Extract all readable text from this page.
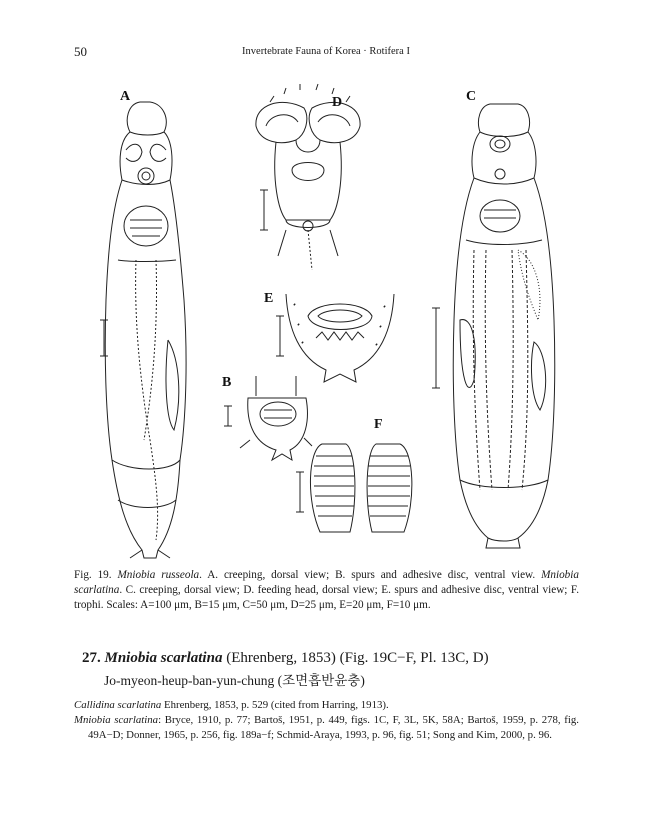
50	Invertebrate Fauna of Korea · Rotifera I
A	D
E
B
F
C
Fig. 19. Mniobia russeola. A. creeping, dorsal view; B. spurs and adhesive disc, ventral view. Mniobia scarlatina. C. creeping, dorsal view; D. feeding head, dorsal view; E. spurs and adhesive disc, ventral view; F. trophi. Scales: A=100 μm, B=15 μm, C=50 μm, D=25 μm, E=20 μm, F=10 μm.
27. Mniobia scarlatina (Ehrenberg, 1853) (Fig. 19C−F, Pl. 13C, D)
Jo-myeon-heup-ban-yun-chung (조면흡반윤충)

Callidina scarlatina Ehrenberg, 1853, p. 529 (cited from Harring, 1913).

Mniobia scarlatina: Bryce, 1910, p. 77; Bartoš, 1951, p. 449, figs. 1C, F, 3L, 5K, 58A; Bartoš, 1959, p. 278, fig. 49A−D; Donner, 1965, p. 256, fig. 189a−f; Schmid-Araya, 1993, p. 96, fig. 51; Song and Kim, 2000, p. 96.
